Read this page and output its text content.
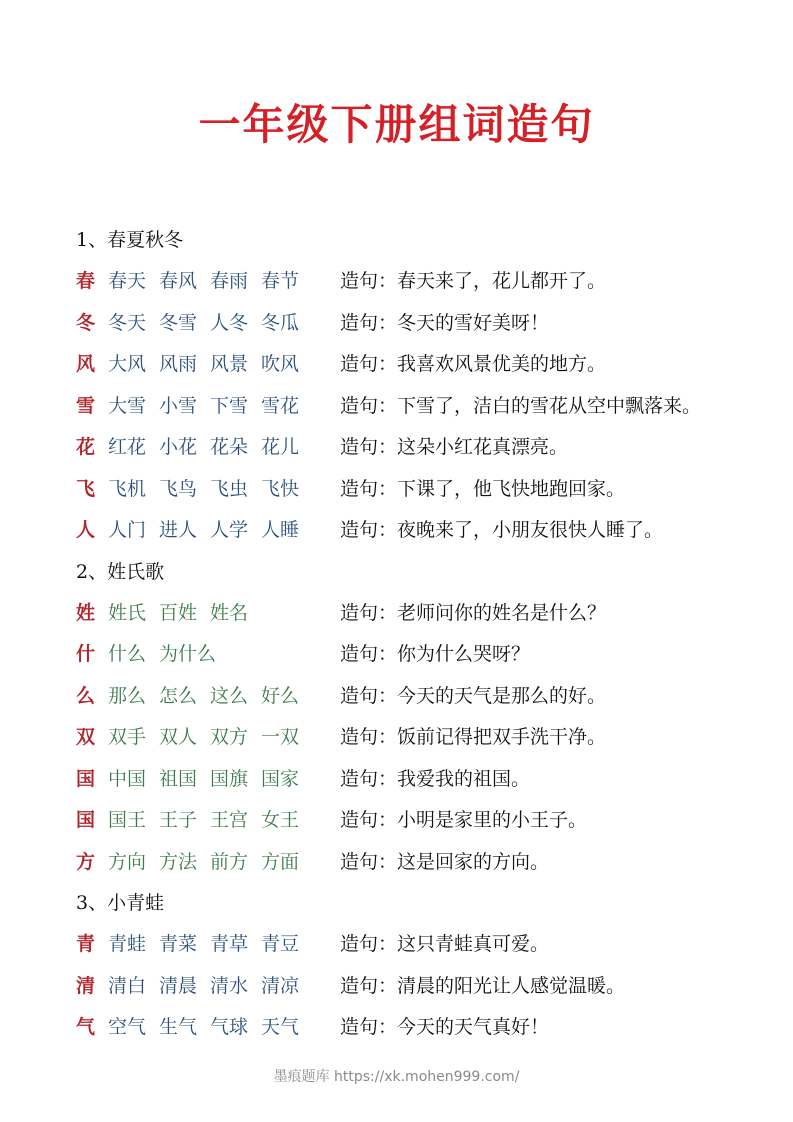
一年级下册组词造句
1、春夏秋冬
春 春天 春风 春雨 春节	造句：春天来了，花儿都开了。
冬 冬天 冬雪 人冬 冬瓜	造句：冬天的雪好美呀！
风 大风 风雨 风景 吹风	造句：我喜欢风景优美的地方。
雪 大雪 小雪 下雪 雪花	造句：下雪了，洁白的雪花从空中飘落来。
花 红花 小花 花朵 花儿	造句：这朵小红花真漂亮。
飞 飞机 飞鸟 飞虫 飞快	造句：下课了，他飞快地跑回家。
人 人门 进人 人学 人睡	造句：夜晚来了，小朋友很快人睡了。
2、姓氏歌
姓 姓氏 百姓 姓名	造句：老师问你的姓名是什么？
什 什么 为什么	造句：你为什么哭呀？
么 那么 怎么 这么 好么	造句：今天的天气是那么的好。
双 双手 双人 双方 一双	造句：饭前记得把双手洗干净。
国 中国 祖国 国旗 国家	造句：我爱我的祖国。
国 国王 王子 王宫 女王	造句：小明是家里的小王子。
方 方向 方法 前方 方面	造句：这是回家的方向。
3、小青蛙
青 青蛙 青菜 青草 青豆	造句：这只青蛙真可爱。
清 清白 清晨 清水 清凉	造句：清晨的阳光让人感觉温暖。
气 空气 生气 气球 天气	造句：今天的天气真好！
墨痕题库 https://xk.mohen999.com/
